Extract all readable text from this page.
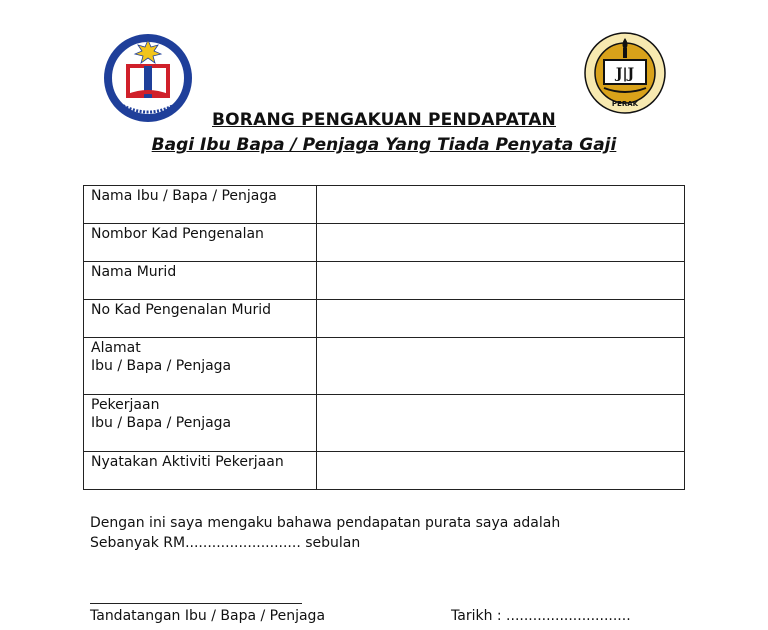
J|J
PERAK
BORANG PENGAKUAN PENDAPATAN
Bagi Ibu Bapa / Penjaga Yang Tiada Penyata Gaji
Nama Ibu / Bapa / Penjaga	
Nombor Kad Pengenalan	
Nama Murid	
No Kad Pengenalan Murid	
Alamat
Ibu / Bapa / Penjaga	
Pekerjaan
Ibu / Bapa / Penjaga	
Nyatakan Aktiviti Pekerjaan	
Dengan ini saya mengaku bahawa pendapatan purata saya adalah
Sebanyak RM.......................... sebulan
Tandatangan Ibu / Bapa / Penjaga	Tarikh : ............................
